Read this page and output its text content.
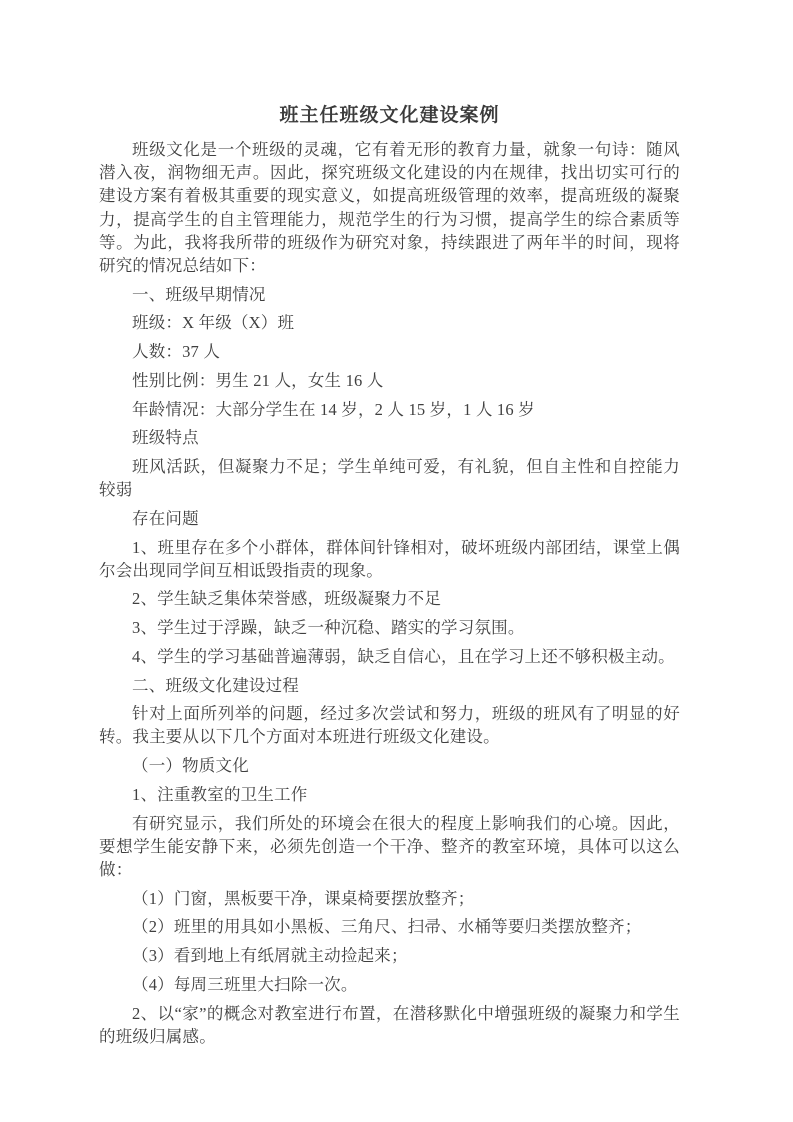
班主任班级文化建设案例

班级文化是一个班级的灵魂，它有着无形的教育力量，就象一句诗：随风潜入夜，润物细无声。因此，探究班级文化建设的内在规律，找出切实可行的建设方案有着极其重要的现实意义，如提高班级管理的效率，提高班级的凝聚力，提高学生的自主管理能力，规范学生的行为习惯，提高学生的综合素质等等。为此，我将我所带的班级作为研究对象，持续跟进了两年半的时间，现将研究的情况总结如下：

一、班级早期情况

班级：X 年级（X）班

人数：37 人

性别比例：男生 21 人，女生 16 人

年龄情况：大部分学生在 14 岁，2 人 15 岁，1 人 16 岁

班级特点

班风活跃，但凝聚力不足；学生单纯可爱，有礼貌，但自主性和自控能力较弱

存在问题

1、班里存在多个小群体，群体间针锋相对，破坏班级内部团结，课堂上偶尔会出现同学间互相诋毁指责的现象。

2、学生缺乏集体荣誉感，班级凝聚力不足

3、学生过于浮躁，缺乏一种沉稳、踏实的学习氛围。

4、学生的学习基础普遍薄弱，缺乏自信心，且在学习上还不够积极主动。

二、班级文化建设过程

针对上面所列举的问题，经过多次尝试和努力，班级的班风有了明显的好转。我主要从以下几个方面对本班进行班级文化建设。

（一）物质文化

1、注重教室的卫生工作

有研究显示，我们所处的环境会在很大的程度上影响我们的心境。因此，要想学生能安静下来，必须先创造一个干净、整齐的教室环境，具体可以这么做：

（1）门窗，黑板要干净，课桌椅要摆放整齐；

（2）班里的用具如小黑板、三角尺、扫帚、水桶等要归类摆放整齐；

（3）看到地上有纸屑就主动捡起来；

（4）每周三班里大扫除一次。

2、以“家”的概念对教室进行布置，在潜移默化中增强班级的凝聚力和学生的班级归属感。
